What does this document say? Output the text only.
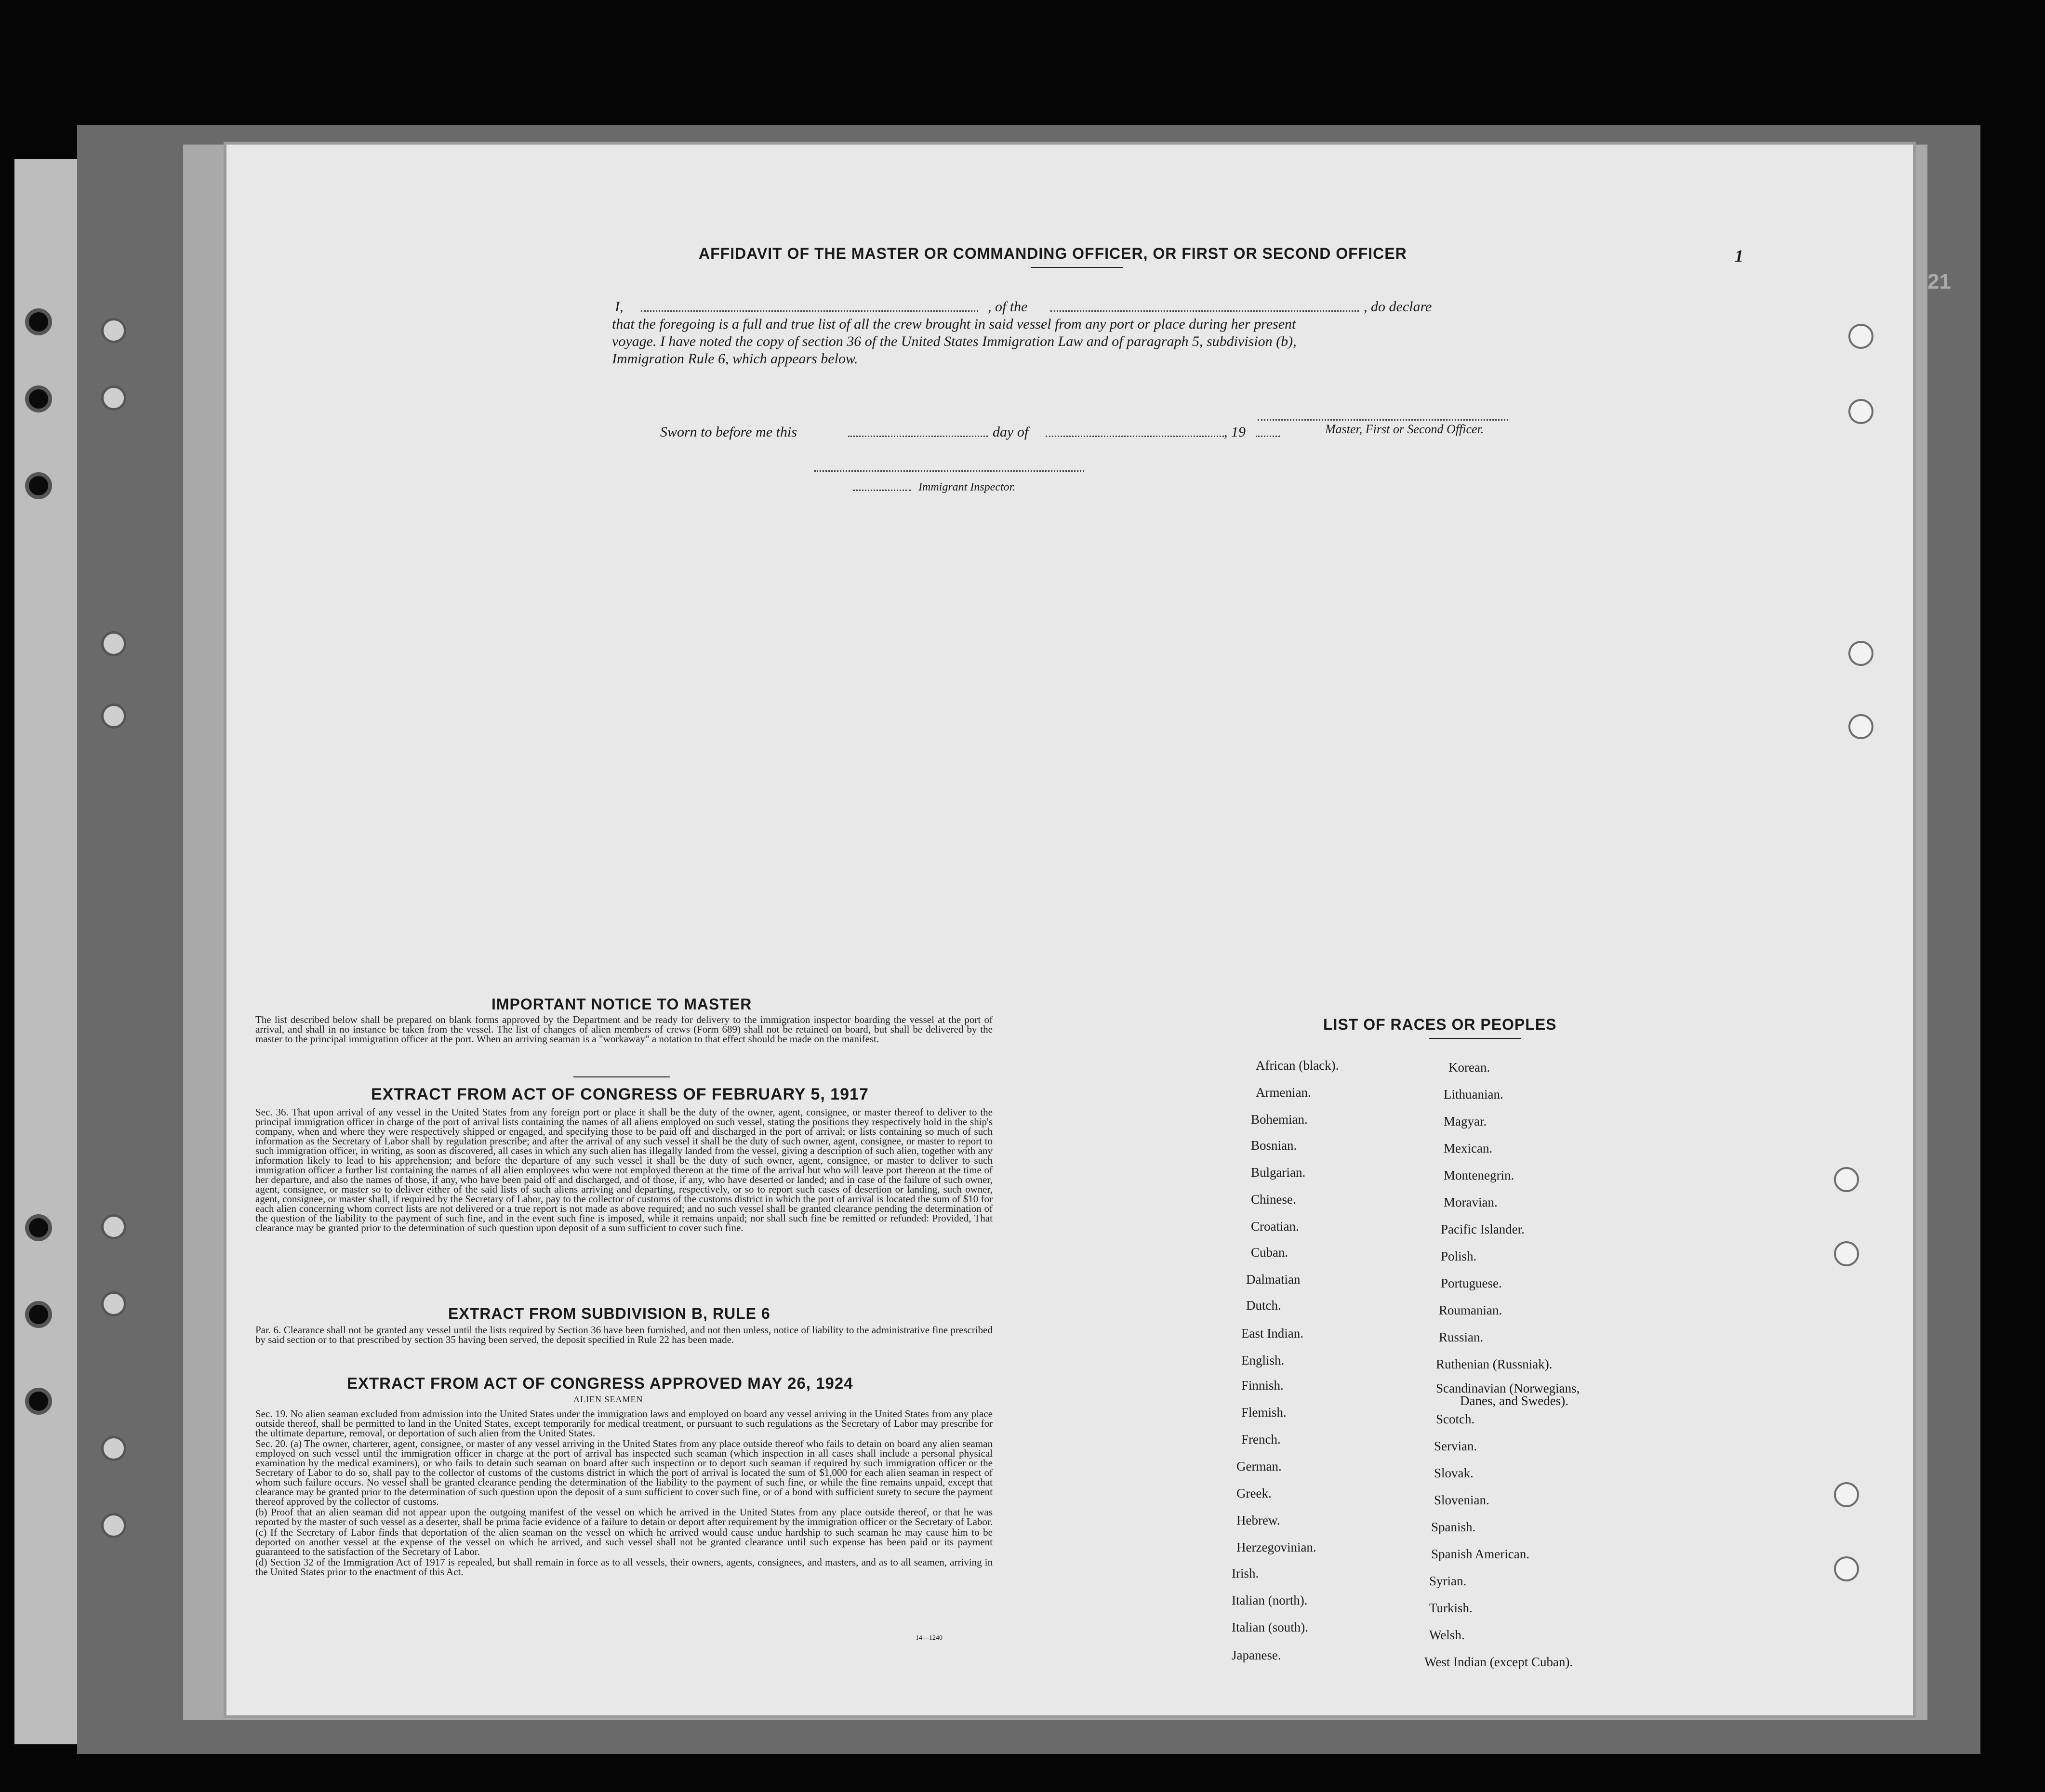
21
AFFIDAVIT OF THE MASTER OR COMMANDING OFFICER, OR FIRST OR SECOND OFFICER	1
I,	, of the	, do declare
that the foregoing is a full and true list of all the crew brought in said vessel from any port or place during her present
voyage. I have noted the copy of section 36 of the United States Immigration Law and of paragraph 5, subdivision (b),
Immigration Rule 6, which appears below.
Master, First or Second Officer.
Sworn to before me this	day of	, 19
Immigrant Inspector.
IMPORTANT NOTICE TO MASTER
The list described below shall be prepared on blank forms approved by the Department and be ready for delivery to the immigration inspector boarding the vessel at the port of arrival, and shall in no instance be taken from the vessel. The list of changes of alien members of crews (Form 689) shall not be retained on board, but shall be delivered by the master to the principal immigration officer at the port. When an arriving seaman is a "workaway" a notation to that effect should be made on the manifest.
EXTRACT FROM ACT OF CONGRESS OF FEBRUARY 5, 1917
Sec. 36. That upon arrival of any vessel in the United States from any foreign port or place it shall be the duty of the owner, agent, consignee, or master thereof to deliver to the principal immigration officer in charge of the port of arrival lists containing the names of all aliens employed on such vessel, stating the positions they respectively hold in the ship's company, when and where they were respectively shipped or engaged, and specifying those to be paid off and discharged in the port of arrival; or lists containing so much of such information as the Secretary of Labor shall by regulation prescribe; and after the arrival of any such vessel it shall be the duty of such owner, agent, consignee, or master to report to such immigration officer, in writing, as soon as discovered, all cases in which any such alien has illegally landed from the vessel, giving a description of such alien, together with any information likely to lead to his apprehension; and before the departure of any such vessel it shall be the duty of such owner, agent, consignee, or master to deliver to such immigration officer a further list containing the names of all alien employees who were not employed thereon at the time of the arrival but who will leave port thereon at the time of her departure, and also the names of those, if any, who have been paid off and discharged, and of those, if any, who have deserted or landed; and in case of the failure of such owner, agent, consignee, or master so to deliver either of the said lists of such aliens arriving and departing, respectively, or so to report such cases of desertion or landing, such owner, agent, consignee, or master shall, if required by the Secretary of Labor, pay to the collector of customs of the customs district in which the port of arrival is located the sum of $10 for each alien concerning whom correct lists are not delivered or a true report is not made as above required; and no such vessel shall be granted clearance pending the determination of the question of the liability to the payment of such fine, and in the event such fine is imposed, while it remains unpaid; nor shall such fine be remitted or refunded: Provided, That clearance may be granted prior to the determination of such question upon deposit of a sum sufficient to cover such fine.
EXTRACT FROM SUBDIVISION B, RULE 6
Par. 6. Clearance shall not be granted any vessel until the lists required by Section 36 have been furnished, and not then unless, notice of liability to the administrative fine prescribed by said section or to that prescribed by section 35 having been served, the deposit specified in Rule 22 has been made.
EXTRACT FROM ACT OF CONGRESS APPROVED MAY 26, 1924
ALIEN SEAMEN

Sec. 19. No alien seaman excluded from admission into the United States under the immigration laws and employed on board any vessel arriving in the United States from any place outside thereof, shall be permitted to land in the United States, except temporarily for medical treatment, or pursuant to such regulations as the Secretary of Labor may prescribe for the ultimate departure, removal, or deportation of such alien from the United States.

Sec. 20. (a) The owner, charterer, agent, consignee, or master of any vessel arriving in the United States from any place outside thereof who fails to detain on board any alien seaman employed on such vessel until the immigration officer in charge at the port of arrival has inspected such seaman (which inspection in all cases shall include a personal physical examination by the medical examiners), or who fails to detain such seaman on board after such inspection or to deport such seaman if required by such immigration officer or the Secretary of Labor to do so, shall pay to the collector of customs of the customs district in which the port of arrival is located the sum of $1,000 for each alien seaman in respect of whom such failure occurs. No vessel shall be granted clearance pending the determination of the liability to the payment of such fine, or while the fine remains unpaid, except that clearance may be granted prior to the determination of such question upon the deposit of a sum sufficient to cover such fine, or of a bond with sufficient surety to secure the payment thereof approved by the collector of customs.

(b) Proof that an alien seaman did not appear upon the outgoing manifest of the vessel on which he arrived in the United States from any place outside thereof, or that he was reported by the master of such vessel as a deserter, shall be prima facie evidence of a failure to detain or deport after requirement by the immigration officer or the Secretary of Labor.

(c) If the Secretary of Labor finds that deportation of the alien seaman on the vessel on which he arrived would cause undue hardship to such seaman he may cause him to be deported on another vessel at the expense of the vessel on which he arrived, and such vessel shall not be granted clearance until such expense has been paid or its payment guaranteed to the satisfaction of the Secretary of Labor.

(d) Section 32 of the Immigration Act of 1917 is repealed, but shall remain in force as to all vessels, their owners, agents, consignees, and masters, and as to all seamen, arriving in the United States prior to the enactment of this Act.

14—1240
LIST OF RACES OR PEOPLES
African (black).
Armenian.
Bohemian.
Bosnian.
Bulgarian.
Chinese.
Croatian.
Cuban.
Dalmatian
Dutch.
East Indian.
English.
Finnish.
Flemish.
French.
German.
Greek.
Hebrew.
Herzegovinian.
Irish.
Italian (north).
Italian (south).
Japanese.
Korean.
Lithuanian.
Magyar.
Mexican.
Montenegrin.
Moravian.
Pacific Islander.
Polish.
Portuguese.
Roumanian.
Russian.
Ruthenian (Russniak).
Scandinavian (Norwegians,
Danes, and Swedes).
Scotch.
Servian.
Slovak.
Slovenian.
Spanish.
Spanish American.
Syrian.
Turkish.
Welsh.
West Indian (except Cuban).
